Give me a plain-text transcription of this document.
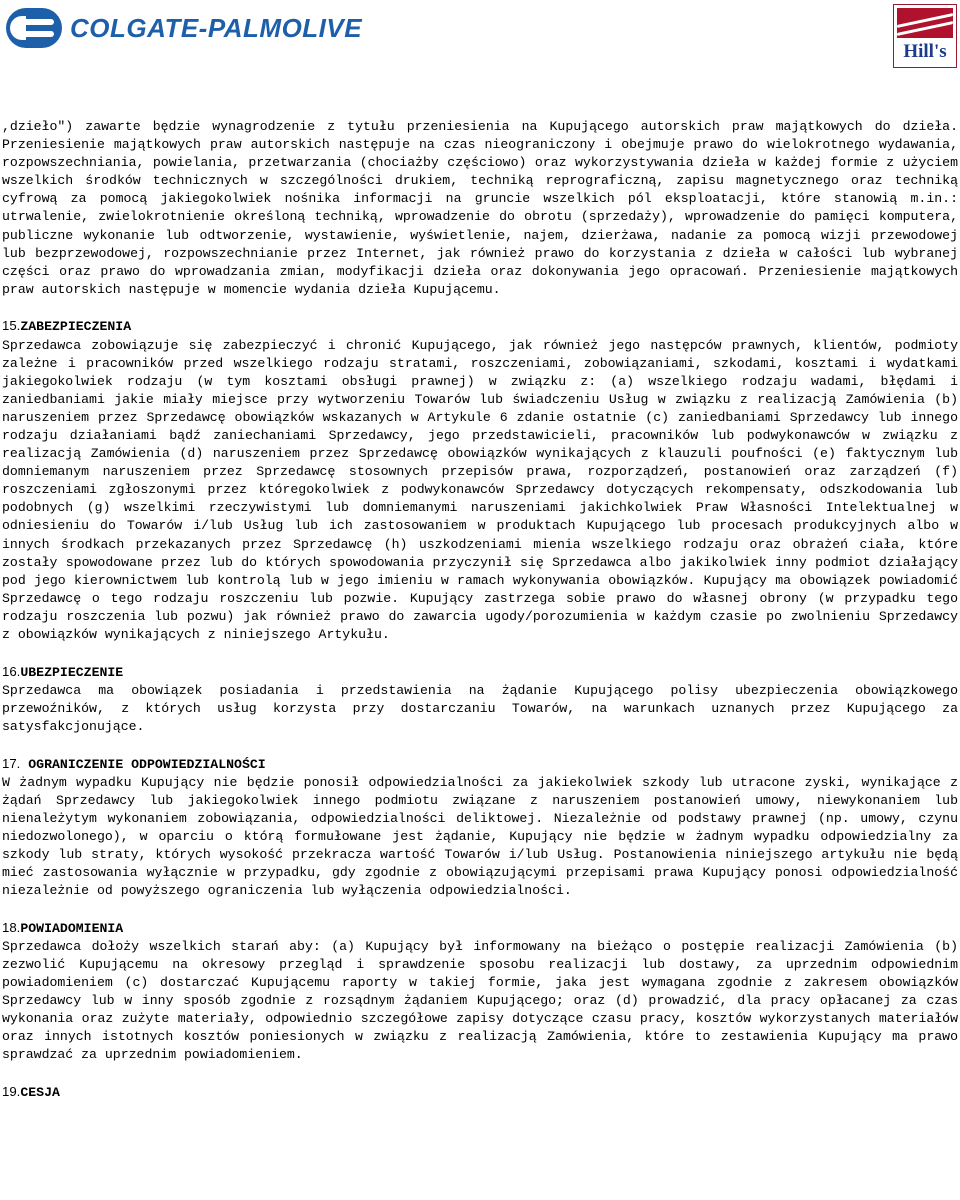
COLGATE-PALMOLIVE
Hill's

,dzieło") zawarte będzie wynagrodzenie z tytułu przeniesienia na Kupującego autorskich praw majątkowych do dzieła. Przeniesienie majątkowych praw autorskich następuje na czas nieograniczony i obejmuje prawo do wielokrotnego wydawania, rozpowszechniania, powielania, przetwarzania (chociażby częściowo) oraz wykorzystywania dzieła w każdej formie z użyciem wszelkich środków technicznych w szczególności drukiem, techniką reprograficzną, zapisu magnetycznego oraz techniką cyfrową za pomocą jakiegokolwiek nośnika informacji na gruncie wszelkich pól eksploatacji, które stanowią m.in.: utrwalenie, zwielokrotnienie określoną techniką, wprowadzenie do obrotu (sprzedaży), wprowadzenie do pamięci komputera, publiczne wykonanie lub odtworzenie, wystawienie, wyświetlenie, najem, dzierżawa, nadanie za pomocą wizji przewodowej lub bezprzewodowej, rozpowszechnianie przez Internet, jak również prawo do korzystania z dzieła w całości lub wybranej części oraz prawo do wprowadzania zmian, modyfikacji dzieła oraz dokonywania jego opracowań. Przeniesienie majątkowych praw autorskich następuje w momencie wydania dzieła Kupującemu.

15.ZABEZPIECZENIA

Sprzedawca zobowiązuje się zabezpieczyć i chronić Kupującego, jak również jego następców prawnych, klientów, podmioty zależne i pracowników przed wszelkiego rodzaju stratami, roszczeniami, zobowiązaniami, szkodami, kosztami i wydatkami jakiegokolwiek rodzaju (w tym kosztami obsługi prawnej) w związku z: (a) wszelkiego rodzaju wadami, błędami i zaniedbaniami jakie miały miejsce przy wytworzeniu Towarów lub świadczeniu Usług w związku z realizacją Zamówienia (b) naruszeniem przez Sprzedawcę obowiązków wskazanych w Artykule 6 zdanie ostatnie (c) zaniedbaniami Sprzedawcy lub innego rodzaju działaniami bądź zaniechaniami Sprzedawcy, jego przedstawicieli, pracowników lub podwykonawców w związku z realizacją Zamówienia (d) naruszeniem przez Sprzedawcę obowiązków wynikających z klauzuli poufności (e) faktycznym lub domniemanym naruszeniem przez Sprzedawcę stosownych przepisów prawa, rozporządzeń, postanowień oraz zarządzeń (f) roszczeniami zgłoszonymi przez któregokolwiek z podwykonawców Sprzedawcy dotyczących rekompensaty, odszkodowania lub podobnych (g) wszelkimi rzeczywistymi lub domniemanymi naruszeniami jakichkolwiek Praw Własności Intelektualnej w odniesieniu do Towarów i/lub Usług lub ich zastosowaniem w produktach Kupującego lub procesach produkcyjnych albo w innych środkach przekazanych przez Sprzedawcę (h) uszkodzeniami mienia wszelkiego rodzaju oraz obrażeń ciała, które zostały spowodowane przez lub do których spowodowania przyczynił się Sprzedawca albo jakikolwiek inny podmiot działający pod jego kierownictwem lub kontrolą lub w jego imieniu w ramach wykonywania obowiązków. Kupujący ma obowiązek powiadomić Sprzedawcę o tego rodzaju roszczeniu lub pozwie. Kupujący zastrzega sobie prawo do własnej obrony (w przypadku tego rodzaju roszczenia lub pozwu) jak również prawo do zawarcia ugody/porozumienia w każdym czasie po zwolnieniu Sprzedawcy z obowiązków wynikających z niniejszego Artykułu.

16.UBEZPIECZENIE

Sprzedawca ma obowiązek posiadania i przedstawienia na żądanie Kupującego polisy ubezpieczenia obowiązkowego przewoźników, z których usług korzysta przy dostarczaniu Towarów, na warunkach uznanych przez Kupującego za satysfakcjonujące.

17. OGRANICZENIE ODPOWIEDZIALNOŚCI

W żadnym wypadku Kupujący nie będzie ponosił odpowiedzialności za jakiekolwiek szkody lub utracone zyski, wynikające z żądań Sprzedawcy lub jakiegokolwiek innego podmiotu związane z naruszeniem postanowień umowy, niewykonaniem lub nienależytym wykonaniem zobowiązania, odpowiedzialności deliktowej. Niezależnie od podstawy prawnej (np. umowy, czynu niedozwolonego), w oparciu o którą formułowane jest żądanie, Kupujący nie będzie w żadnym wypadku odpowiedzialny za szkody lub straty, których wysokość przekracza wartość Towarów i/lub Usług. Postanowienia niniejszego artykułu nie będą mieć zastosowania wyłącznie w przypadku, gdy zgodnie z obowiązującymi przepisami prawa Kupujący ponosi odpowiedzialność niezależnie od powyższego ograniczenia lub wyłączenia odpowiedzialności.

18.POWIADOMIENIA

Sprzedawca dołoży wszelkich starań aby: (a) Kupujący był informowany na bieżąco o postępie realizacji Zamówienia (b) zezwolić Kupującemu na okresowy przegląd i sprawdzenie sposobu realizacji lub dostawy, za uprzednim odpowiednim powiadomieniem (c) dostarczać Kupującemu raporty w takiej formie, jaka jest wymagana zgodnie z zakresem obowiązków Sprzedawcy lub w inny sposób zgodnie z rozsądnym żądaniem Kupującego; oraz (d) prowadzić, dla pracy opłacanej za czas wykonania oraz zużyte materiały, odpowiednio szczegółowe zapisy dotyczące czasu pracy, kosztów wykorzystanych materiałów oraz innych istotnych kosztów poniesionych w związku z realizacją Zamówienia, które to zestawienia Kupujący ma prawo sprawdzać za uprzednim powiadomieniem.

19.CESJA
